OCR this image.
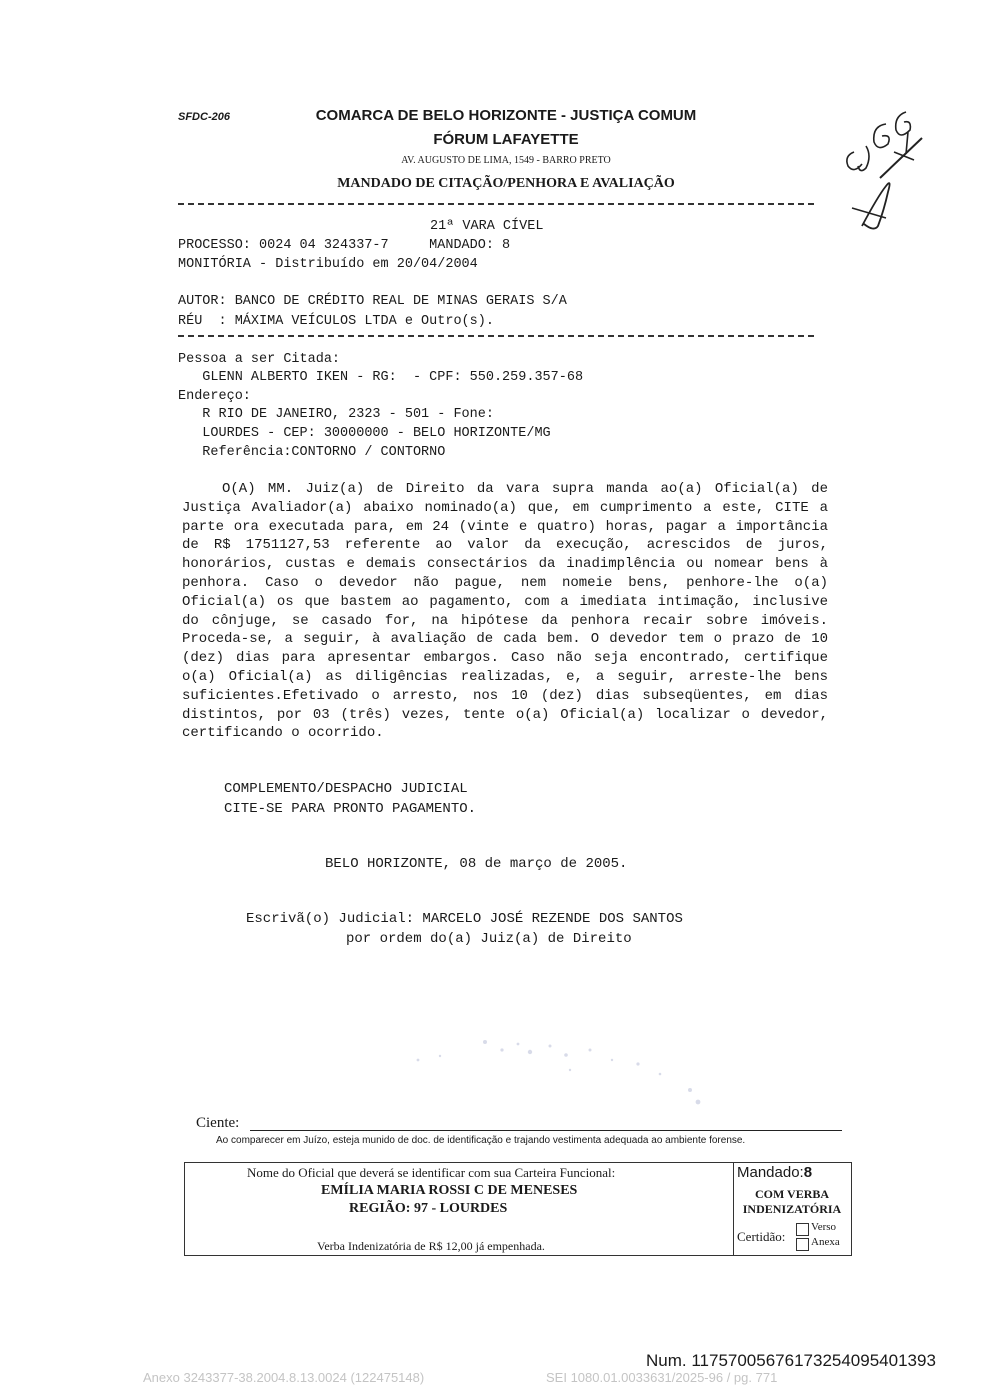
SFDC-206	COMARCA DE BELO HORIZONTE - JUSTIÇA COMUM
FÓRUM LAFAYETTE
AV. AUGUSTO DE LIMA, 1549 - BARRO PRETO
MANDADO DE CITAÇÃO/PENHORA E AVALIAÇÃO
21ª VARA CÍVEL
PROCESSO: 0024 04 324337-7     MANDADO: 8
MONITÓRIA - Distribuído em 20/04/2004
AUTOR: BANCO DE CRÉDITO REAL DE MINAS GERAIS S/A
RÉU  : MÁXIMA VEÍCULOS LTDA e Outro(s).
Pessoa a ser Citada:
GLENN ALBERTO IKEN - RG:  - CPF: 550.259.357-68
Endereço:
R RIO DE JANEIRO, 2323 - 501 - Fone:
LOURDES - CEP: 30000000 - BELO HORIZONTE/MG
Referência:CONTORNO / CONTORNO
O(A) MM. Juiz(a) de Direito da vara supra manda ao(a) Oficial(a) de Justiça Avaliador(a) abaixo nominado(a) que, em cumprimento a este, CITE a parte ora executada para, em 24 (vinte e quatro) horas, pagar a importância de R$ 1751127,53 referente ao valor da execução, acrescidos de juros, honorários, custas e demais consectários da inadimplência ou nomear bens à penhora. Caso o devedor não pague, nem nomeie bens, penhore-lhe o(a) Oficial(a) os que bastem ao pagamento, com a imediata intimação, inclusive do cônjuge, se casado for, na hipótese da penhora recair sobre imóveis. Proceda-se, a seguir, à avaliação de cada bem. O devedor tem o prazo de 10 (dez) dias para apresentar embargos. Caso não seja encontrado, certifique o(a) Oficial(a) as diligências realizadas, e, a seguir, arreste-lhe bens suficientes.Efetivado o arresto, nos 10 (dez) dias subseqüentes, em dias distintos, por 03 (três) vezes, tente o(a) Oficial(a) localizar o devedor, certificando o ocorrido.
COMPLEMENTO/DESPACHO JUDICIAL
CITE-SE PARA PRONTO PAGAMENTO.
BELO HORIZONTE, 08 de março de 2005.
Escrivã(o) Judicial: MARCELO JOSÉ REZENDE DOS SANTOS
por ordem do(a) Juiz(a) de Direito
Ciente:
Ao comparecer em Juízo, esteja munido de doc. de identificação e trajando vestimenta adequada ao ambiente forense.
Nome do Oficial que deverá se identificar com sua Carteira Funcional:
EMÍLIA MARIA ROSSI C DE MENESES
REGIÃO: 97 - LOURDES
Verba Indenizatória de R$ 12,00 já empenhada.
Mandado:8
COM VERBA INDENIZATÓRIA
Certidão:
Verso
Anexa
Num. 11757005676173254095401393
Anexo 3243377-38.2004.8.13.0024 (122475148)	SEI 1080.01.0033631/2025-96 / pg. 771
